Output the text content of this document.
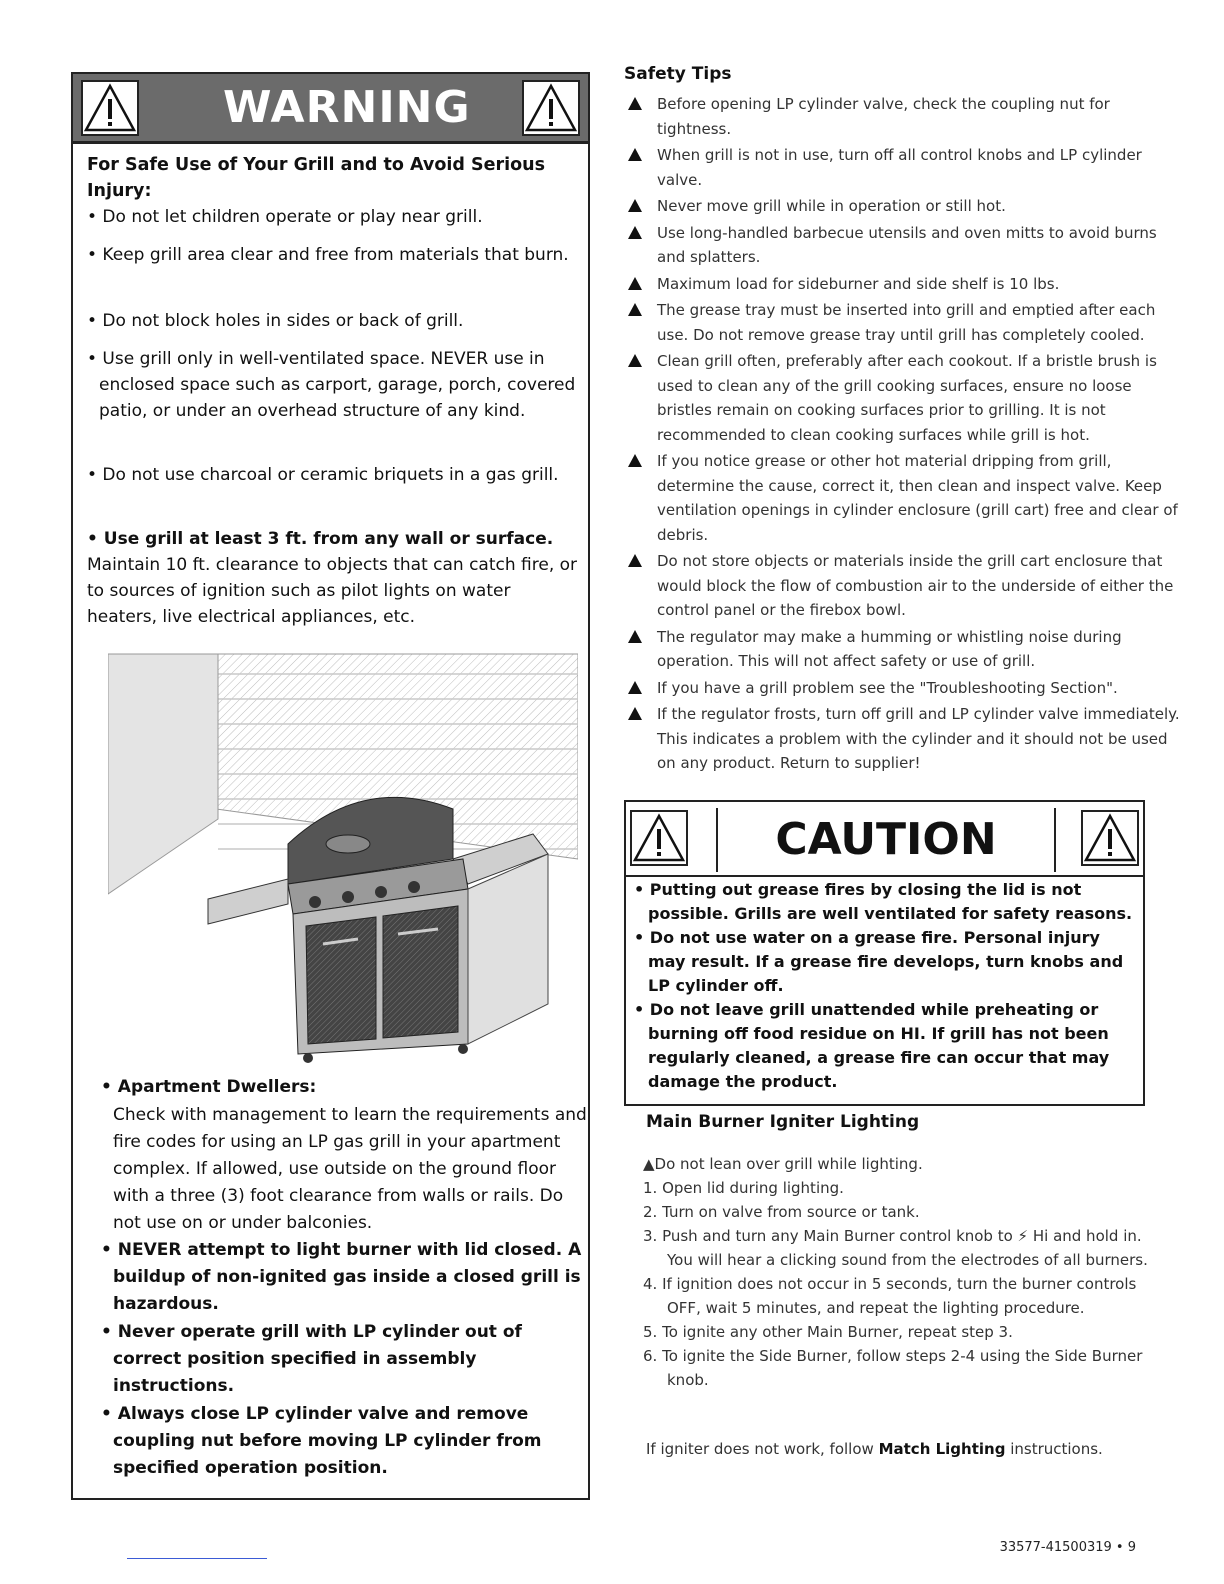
WARNING
For Safe Use of Your Grill and to Avoid Serious Injury:
• Do not let children operate or play near grill.
• Keep grill area clear and free from materials that burn.
• Do not block holes in sides or back of grill.
• Use grill only in well-ventilated space. NEVER use in enclosed space such as carport, garage, porch, covered patio, or under an overhead structure of any kind.
• Do not use charcoal or ceramic briquets in a gas grill.
• Use grill at least 3 ft. from any wall or surface.
Maintain 10 ft. clearance to objects that can catch fire, or to sources of ignition such as pilot lights on water heaters, live electrical appliances, etc.
• Apartment Dwellers:
Check with management to learn the requirements and fire codes for using an LP gas grill in your apartment complex. If allowed, use outside on the ground floor with a three (3) foot clearance from walls or rails. Do not use on or under balconies.
• NEVER attempt to light burner with lid closed. A buildup of non-ignited gas inside a closed grill is hazardous.
• Never operate grill with LP cylinder out of correct position specified in assembly instructions.
• Always close LP cylinder valve and remove coupling nut before moving LP cylinder from specified operation position.
Safety Tips
Before opening LP cylinder valve, check the coupling nut for tightness.
When grill is not in use, turn off all control knobs and LP cylinder valve.
Never move grill while in operation or still hot.
Use long-handled barbecue utensils and oven mitts to avoid burns and splatters.
Maximum load for sideburner and side shelf is 10 lbs.
The grease tray must be inserted into grill and emptied after each use. Do not remove grease tray until grill has completely cooled.
Clean grill often, preferably after each cookout. If a bristle brush is used to clean any of the grill cooking surfaces, ensure no loose bristles remain on cooking surfaces prior to grilling. It is not recommended to clean cooking surfaces while grill is hot.
If you notice grease or other hot material dripping from grill, determine the cause, correct it, then clean and inspect valve. Keep ventilation openings in cylinder enclosure (grill cart) free and clear of debris.
Do not store objects or materials inside the grill cart enclosure that would block the flow of combustion air to the underside of either the control panel or the firebox bowl.
The regulator may make a humming or whistling noise during operation. This will not affect safety or use of grill.
If you have a grill problem see the "Troubleshooting Section".
If the regulator frosts, turn off grill and LP cylinder valve immediately. This indicates a problem with the cylinder and it should not be used on any product. Return to supplier!
CAUTION
• Putting out grease fires by closing the lid is not possible. Grills are well ventilated for safety reasons.
• Do not use water on a grease fire. Personal injury may result. If a grease fire develops, turn knobs and LP cylinder off.
• Do not leave grill unattended while preheating or burning off food residue on HI. If grill has not been regularly cleaned, a grease fire can occur that may damage the product.
Main Burner Igniter Lighting
▲Do not lean over grill while lighting.
1. Open lid during lighting.
2. Turn on valve from source or tank.
3. Push and turn any Main Burner control knob to ⚡ Hi and hold in. You will hear a clicking sound from the electrodes of all burners.
4. If ignition does not occur in 5 seconds, turn the burner controls OFF, wait 5 minutes, and repeat the lighting procedure.
5. To ignite any other Main Burner, repeat step 3.
6. To ignite the Side Burner, follow steps 2-4 using the Side Burner knob.
If igniter does not work, follow Match Lighting instructions.
33577-41500319 • 9
